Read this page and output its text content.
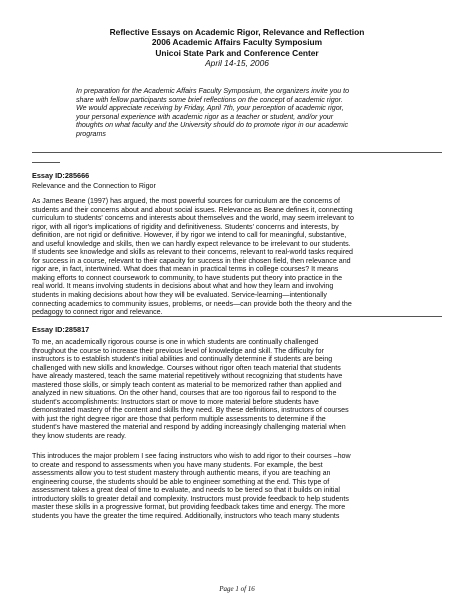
Reflective Essays on Academic Rigor, Relevance and Reflection
2006 Academic Affairs Faculty Symposium
Unicoi State Park and Conference Center
April 14-15, 2006
In preparation for the Academic Affairs Faculty Symposium, the organizers invite you to
share with fellow participants some brief reflections on the concept of academic rigor.
We would appreciate receiving by Friday, April 7th, your perception of academic rigor,
your personal experience with academic rigor as a teacher or student, and/or your
thoughts on what faculty and the University should do to promote rigor in our academic
programs
Essay ID:285666
Relevance and the Connection to Rigor

As James Beane (1997) has argued, the most powerful sources for curriculum are the concerns of

students and their concerns about and about social issues. Relevance as Beane defines it, connecting

curriculum to students' concerns and interests about themselves and the world, may seem irrelevant to

rigor, with all rigor's implications of rigidity and definitiveness. Students' concerns and interests, by

definition, are not rigid or definitive. However, if by rigor we intend to call for meaningful, substantive,

and useful knowledge and skills, then we can hardly expect relevance to be irrelevant to our students.

If students see knowledge and skills as relevant to their concerns, relevant to real-world tasks required

for success in a course, relevant to their capacity for success in their chosen field, then relevance and

rigor are, in fact, intertwined. What does that mean in practical terms in college courses? It means

making efforts to connect coursework to community, to have students put theory into practice in the

real world. It means involving students in decisions about what and how they learn and involving

students in making decisions about how they will be evaluated. Service-learning—intentionally

connecting academics to community issues, problems, or needs—can provide both the theory and the

pedagogy to connect rigor and relevance.

Essay ID:285817

To me, an academically rigorous course is one in which students are continually challenged

throughout the course to increase their previous level of knowledge and skill. The difficulty for

instructors is to establish student's initial abilities and continually determine if students are being

challenged with new skills and knowledge. Courses without rigor often teach material that students

have already mastered, teach the same material repetitively without recognizing that students have

mastered those skills, or simply teach content as material to be memorized rather than applied and

analyzed in new situations. On the other hand, courses that are too rigorous fail to respond to the

student's accomplishments: Instructors start or move to more material before students have

demonstrated mastery of the content and skills they need. By these definitions, instructors of courses

with just the right degree rigor are those that perform multiple assessments to determine if the

student's have mastered the material and respond by adding increasingly challenging material when

they know students are ready.

This introduces the major problem I see facing instructors who wish to add rigor to their courses –how

to create and respond to assessments when you have many students. For example, the best

assessments allow you to test student mastery through authentic means, if you are teaching an

engineering course, the students should be able to engineer something at the end. This type of

assessment takes a great deal of time to evaluate, and needs to be tiered so that it builds on initial

introductory skills to greater detail and complexity. Instructors must provide feedback to help students

master these skills in a progressive format, but providing feedback takes time and energy. The more

students you have the greater the time required. Additionally, instructors who teach many students

Page 1 of 16
